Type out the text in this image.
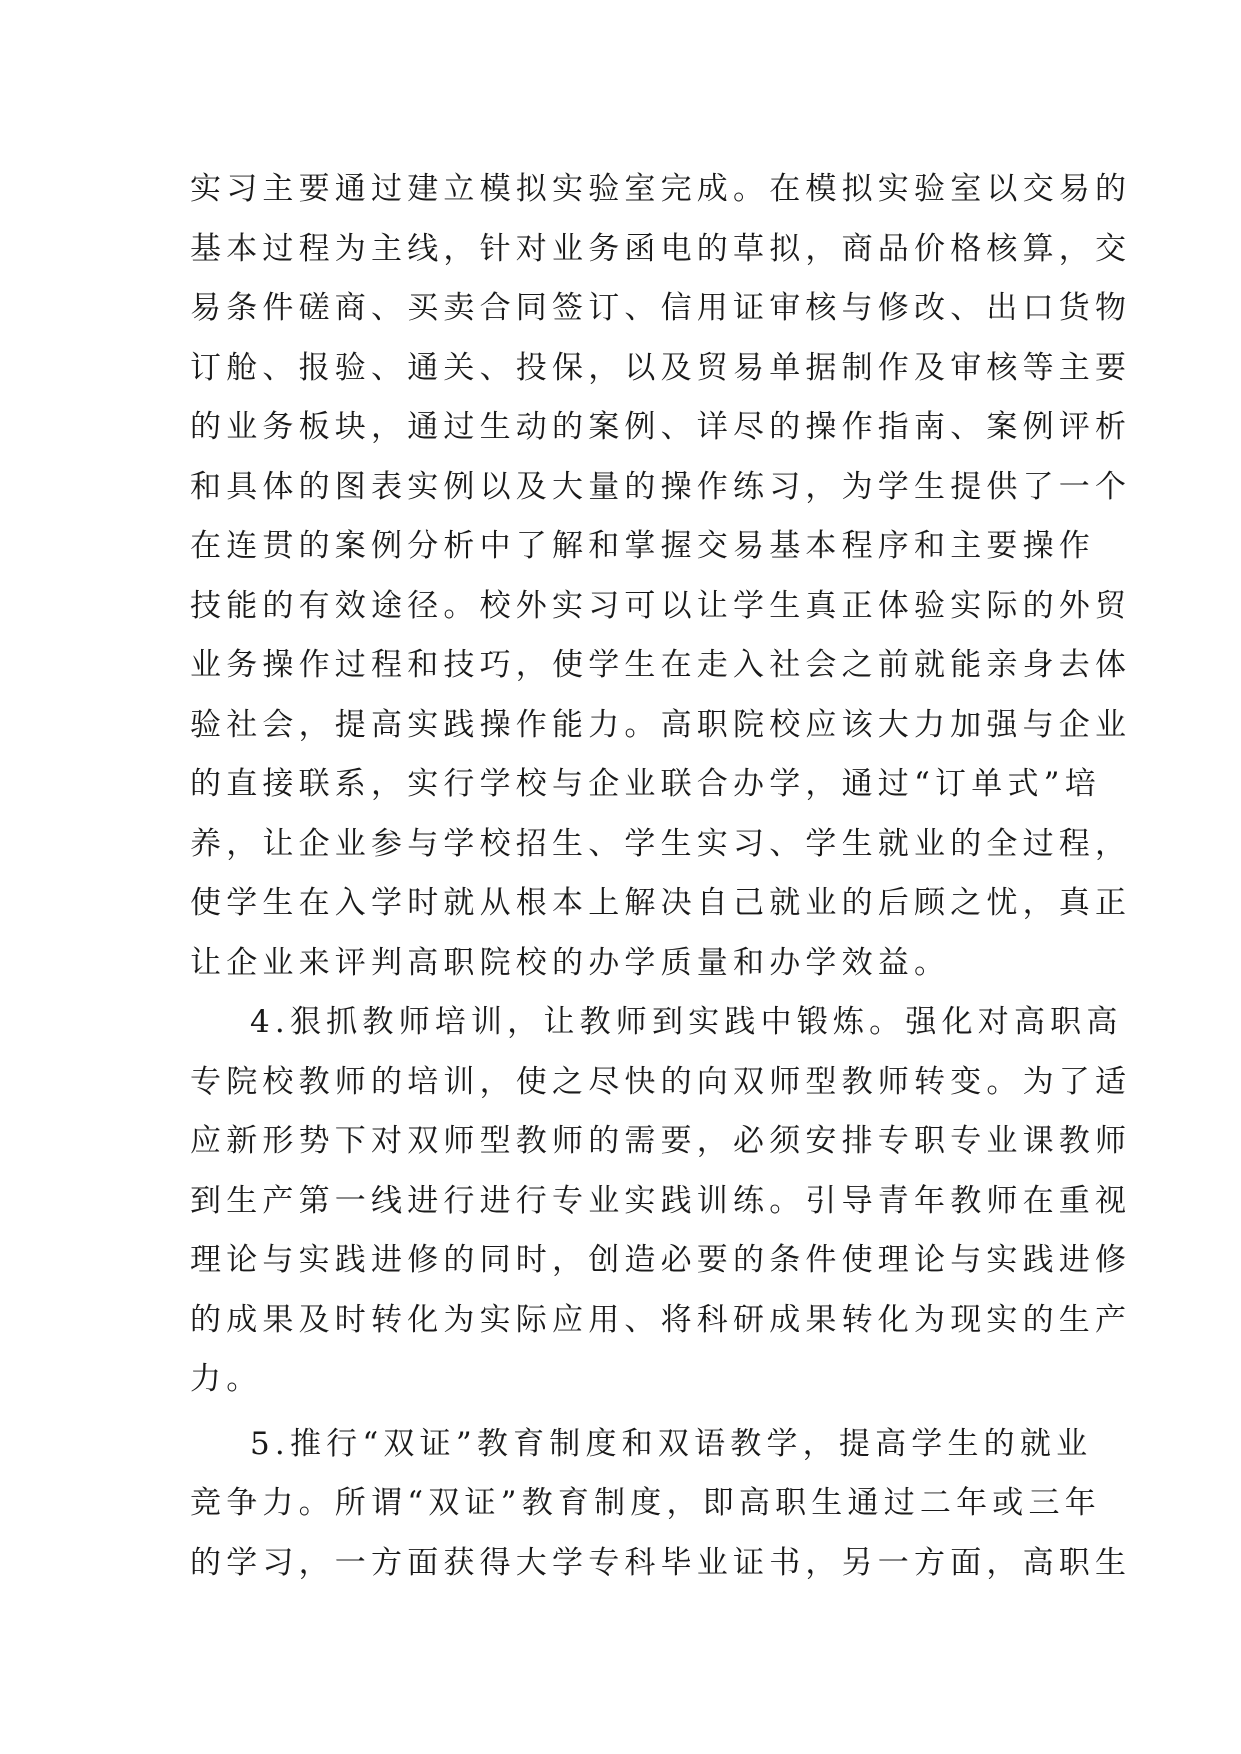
实习主要通过建立模拟实验室完成。在模拟实验室以交易的
基本过程为主线，针对业务函电的草拟，商品价格核算，交
易条件磋商、买卖合同签订、信用证审核与修改、出口货物
订舱、报验、通关、投保，以及贸易单据制作及审核等主要
的业务板块，通过生动的案例、详尽的操作指南、案例评析
和具体的图表实例以及大量的操作练习，为学生提供了一个
在连贯的案例分析中了解和掌握交易基本程序和主要操作
技能的有效途径。校外实习可以让学生真正体验实际的外贸
业务操作过程和技巧，使学生在走入社会之前就能亲身去体
验社会，提高实践操作能力。高职院校应该大力加强与企业
的直接联系，实行学校与企业联合办学，通过“订单式”培
养，让企业参与学校招生、学生实习、学生就业的全过程，
使学生在入学时就从根本上解决自己就业的后顾之忧，真正
让企业来评判高职院校的办学质量和办学效益。
4.狠抓教师培训，让教师到实践中锻炼。强化对高职高
专院校教师的培训，使之尽快的向双师型教师转变。为了适
应新形势下对双师型教师的需要，必须安排专职专业课教师
到生产第一线进行进行专业实践训练。引导青年教师在重视
理论与实践进修的同时，创造必要的条件使理论与实践进修
的成果及时转化为实际应用、将科研成果转化为现实的生产
力。
5.推行“双证”教育制度和双语教学，提高学生的就业
竞争力。所谓“双证”教育制度，即高职生通过二年或三年
的学习，一方面获得大学专科毕业证书，另一方面，高职生
